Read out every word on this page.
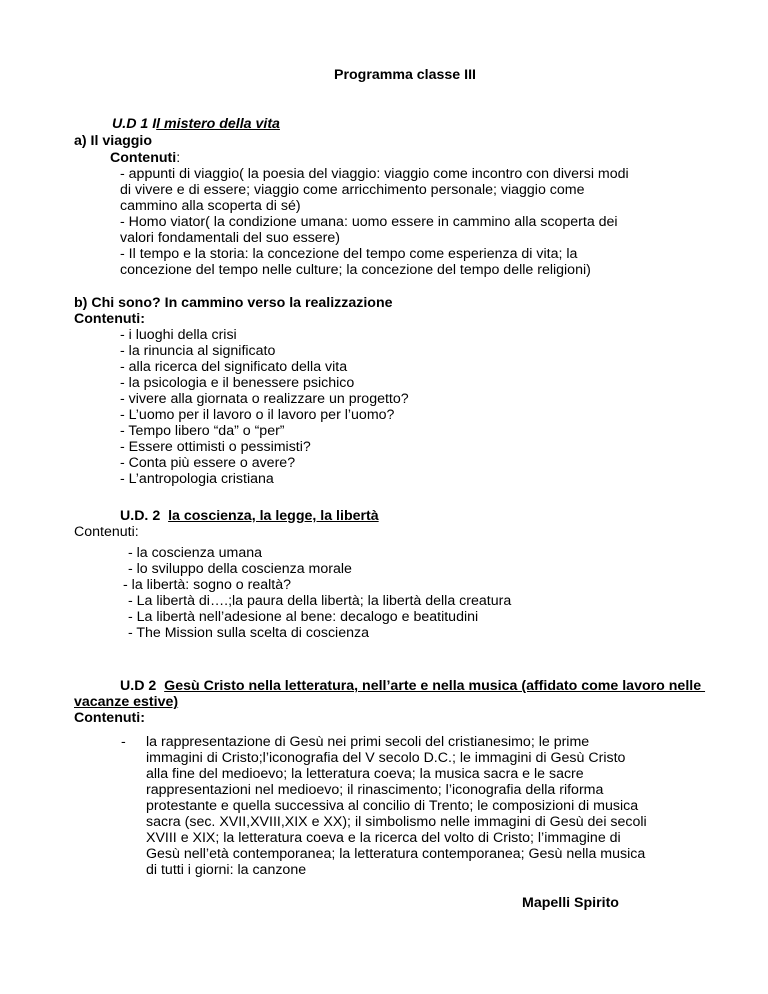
Programma classe III
U.D 1 Il mistero della vita
a) Il viaggio
Contenuti:
- appunti di viaggio( la poesia del viaggio: viaggio come incontro con diversi modi
di vivere e di essere; viaggio come arricchimento personale; viaggio come
cammino alla scoperta di sé)
- Homo viator( la condizione umana: uomo essere in cammino alla scoperta dei
valori fondamentali del suo essere)
- Il tempo e la storia: la concezione del tempo come esperienza di vita; la
concezione del tempo nelle culture; la concezione del tempo delle religioni)
b) Chi sono? In cammino verso la realizzazione
Contenuti:
- i luoghi della crisi
- la rinuncia al significato
- alla ricerca del significato della vita
- la psicologia e il benessere psichico
- vivere alla giornata o realizzare un progetto?
- L’uomo per il lavoro o il lavoro per l’uomo?
- Tempo libero “da” o “per”
- Essere ottimisti o pessimisti?
- Conta più essere o avere?
- L’antropologia cristiana
U.D. 2  la coscienza, la legge, la libertà
Contenuti:
- la coscienza umana
- lo sviluppo della coscienza morale
- la libertà: sogno o realtà?
- La libertà di….;la paura della libertà; la libertà della creatura
- La libertà nell’adesione al bene: decalogo e beatitudini
- The Mission sulla scelta di coscienza
U.D 2  Gesù Cristo nella letteratura, nell’arte e nella musica (affidato come lavoro nelle
vacanze estive)
Contenuti:
- la rappresentazione di Gesù nei primi secoli del cristianesimo; le prime
immagini di Cristo;l’iconografia del V secolo D.C.; le immagini di Gesù Cristo
alla fine del medioevo; la letteratura coeva; la musica sacra e le sacre
rappresentazioni nel medioevo; il rinascimento; l’iconografia della riforma
protestante e quella successiva al concilio di Trento; le composizioni di musica
sacra (sec. XVII,XVIII,XIX e XX); il simbolismo nelle immagini di Gesù dei secoli
XVIII e XIX; la letteratura coeva e la ricerca del volto di Cristo; l’immagine di
Gesù nell’età contemporanea; la letteratura contemporanea; Gesù nella musica
di tutti i giorni: la canzone
Mapelli Spirito
